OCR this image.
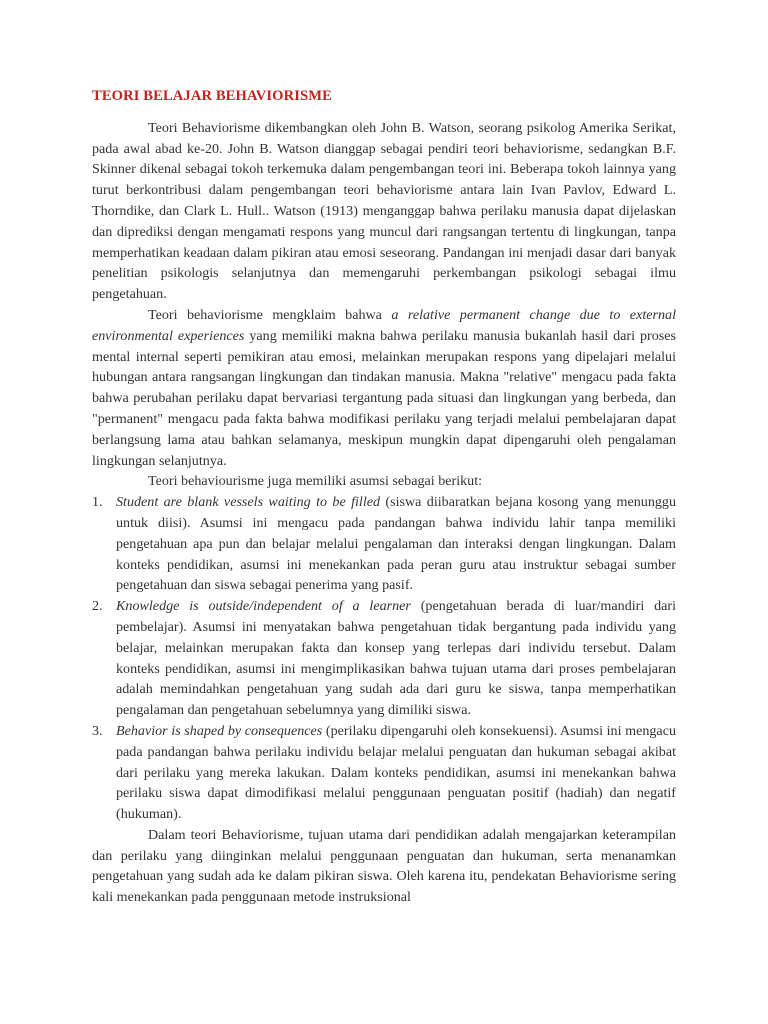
TEORI BELAJAR BEHAVIORISME

Teori Behaviorisme dikembangkan oleh John B. Watson, seorang psikolog Amerika Serikat, pada awal abad ke-20. John B. Watson dianggap sebagai pendiri teori behaviorisme, sedangkan B.F. Skinner dikenal sebagai tokoh terkemuka dalam pengembangan teori ini. Beberapa tokoh lainnya yang turut berkontribusi dalam pengembangan teori behaviorisme antara lain Ivan Pavlov, Edward L. Thorndike, dan Clark L. Hull.. Watson (1913) menganggap bahwa perilaku manusia dapat dijelaskan dan diprediksi dengan mengamati respons yang muncul dari rangsangan tertentu di lingkungan, tanpa memperhatikan keadaan dalam pikiran atau emosi seseorang. Pandangan ini menjadi dasar dari banyak penelitian psikologis selanjutnya dan memengaruhi perkembangan psikologi sebagai ilmu pengetahuan.

Teori behaviorisme mengklaim bahwa a relative permanent change due to external environmental experiences yang memiliki makna bahwa perilaku manusia bukanlah hasil dari proses mental internal seperti pemikiran atau emosi, melainkan merupakan respons yang dipelajari melalui hubungan antara rangsangan lingkungan dan tindakan manusia. Makna "relative" mengacu pada fakta bahwa perubahan perilaku dapat bervariasi tergantung pada situasi dan lingkungan yang berbeda, dan "permanent" mengacu pada fakta bahwa modifikasi perilaku yang terjadi melalui pembelajaran dapat berlangsung lama atau bahkan selamanya, meskipun mungkin dapat dipengaruhi oleh pengalaman lingkungan selanjutnya.

Teori behaviourisme juga memiliki asumsi sebagai berikut:

1. Student are blank vessels waiting to be filled (siswa diibaratkan bejana kosong yang menunggu untuk diisi). Asumsi ini mengacu pada pandangan bahwa individu lahir tanpa memiliki pengetahuan apa pun dan belajar melalui pengalaman dan interaksi dengan lingkungan. Dalam konteks pendidikan, asumsi ini menekankan pada peran guru atau instruktur sebagai sumber pengetahuan dan siswa sebagai penerima yang pasif.
2. Knowledge is outside/independent of a learner (pengetahuan berada di luar/mandiri dari pembelajar). Asumsi ini menyatakan bahwa pengetahuan tidak bergantung pada individu yang belajar, melainkan merupakan fakta dan konsep yang terlepas dari individu tersebut. Dalam konteks pendidikan, asumsi ini mengimplikasikan bahwa tujuan utama dari proses pembelajaran adalah memindahkan pengetahuan yang sudah ada dari guru ke siswa, tanpa memperhatikan pengalaman dan pengetahuan sebelumnya yang dimiliki siswa.
3. Behavior is shaped by consequences (perilaku dipengaruhi oleh konsekuensi). Asumsi ini mengacu pada pandangan bahwa perilaku individu belajar melalui penguatan dan hukuman sebagai akibat dari perilaku yang mereka lakukan. Dalam konteks pendidikan, asumsi ini menekankan bahwa perilaku siswa dapat dimodifikasi melalui penggunaan penguatan positif (hadiah) dan negatif (hukuman).

Dalam teori Behaviorisme, tujuan utama dari pendidikan adalah mengajarkan keterampilan dan perilaku yang diinginkan melalui penggunaan penguatan dan hukuman, serta menanamkan pengetahuan yang sudah ada ke dalam pikiran siswa. Oleh karena itu, pendekatan Behaviorisme sering kali menekankan pada penggunaan metode instruksional
